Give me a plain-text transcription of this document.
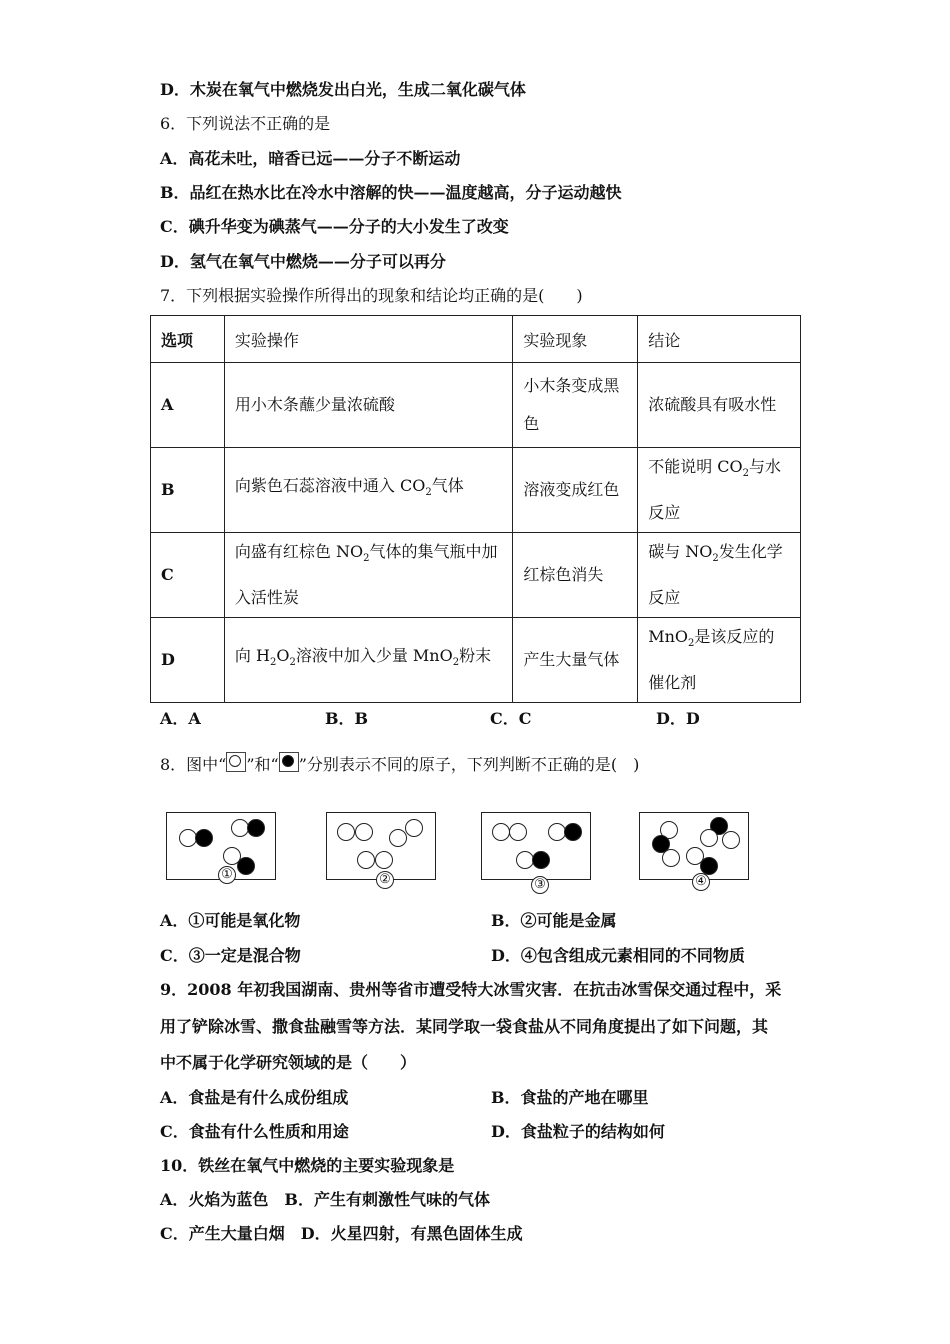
D．木炭在氧气中燃烧发出白光，生成二氧化碳气体
6．下列说法不正确的是
A．高花未吐，暗香已远——分子不断运动
B．品红在热水比在冷水中溶解的快——温度越高，分子运动越快
C．碘升华变为碘蒸气——分子的大小发生了改变
D．氢气在氧气中燃烧——分子可以再分
7．下列根据实验操作所得出的现象和结论均正确的是(　　)
选项	实验操作	实验现象	结论
A	用小木条蘸少量浓硫酸	小木条变成黑色	浓硫酸具有吸水性
B	向紫色石蕊溶液中通入 $CO_2$气体	溶液变成红色	不能说明 $CO_2$与水反应
C	向盛有红棕色 $NO_2$气体的集气瓶中加入活性炭	红棕色消失	碳与 $NO_2$发生化学反应
D	向 $H_2O_2$溶液中加入少量 MnO$_2$粉末	产生大量气体	MnO$_2$是该反应的催化剂
A．A	B．B	C．C	D．D
8．图中“ ”和“ ”分别表示不同的原子，下列判断不正确的是(　)
①	②	③	④
A．①可能是氧化物	B．②可能是金属
C．③一定是混合物	D．④包含组成元素相同的不同物质
9．2008 年初我国湖南、贵州等省市遭受特大冰雪灾害．在抗击冰雪保交通过程中，采
用了铲除冰雪、撒食盐融雪等方法．某同学取一袋食盐从不同角度提出了如下问题，其
中不属于化学研究领域的是（　　）
A．食盐是有什么成份组成	B．食盐的产地在哪里
C．食盐有什么性质和用途	D．食盐粒子的结构如何
10．铁丝在氧气中燃烧的主要实验现象是
A．火焰为蓝色　B．产生有刺激性气味的气体
C．产生大量白烟　D．火星四射，有黑色固体生成
